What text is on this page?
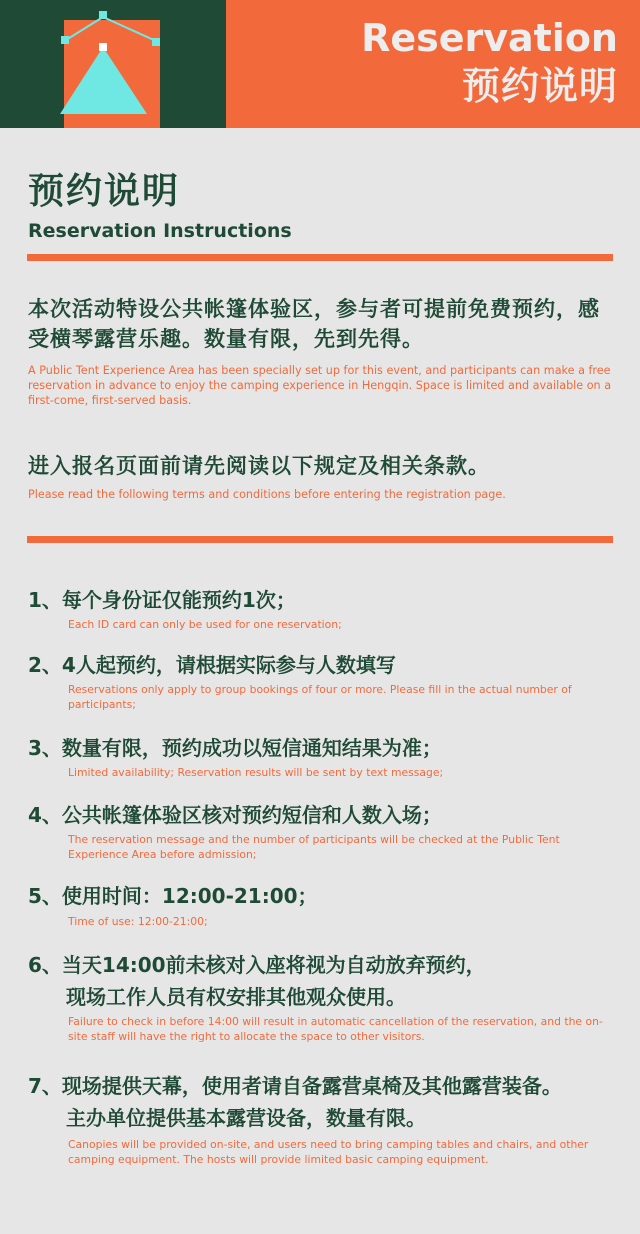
Reservation
预约说明
预约说明
Reservation Instructions
本次活动特设公共帐篷体验区，参与者可提前免费预约，感受横琴露营乐趣。数量有限，先到先得。
A Public Tent Experience Area has been specially set up for this event, and participants can make a free reservation in advance to enjoy the camping experience in Hengqin. Space is limited and available on a first-come, first-served basis.
进入报名页面前请先阅读以下规定及相关条款。
Please read the following terms and conditions before entering the registration page.
1、每个身份证仅能预约1次；
Each ID card can only be used for one reservation;
2、4人起预约，请根据实际参与人数填写
Reservations only apply to group bookings of four or more. Please fill in the actual number of participants;
3、数量有限，预约成功以短信通知结果为准；
Limited availability; Reservation results will be sent by text message;
4、公共帐篷体验区核对预约短信和人数入场；
The reservation message and the number of participants will be checked at the Public Tent Experience Area before admission;
5、使用时间：12:00-21:00；
Time of use: 12:00-21:00;
6、当天14:00前未核对入座将视为自动放弃预约，
现场工作人员有权安排其他观众使用。
Failure to check in before 14:00 will result in automatic cancellation of the reservation, and the on-site staff will have the right to allocate the space to other visitors.
7、现场提供天幕，使用者请自备露营桌椅及其他露营装备。
主办单位提供基本露营设备，数量有限。
Canopies will be provided on-site, and users need to bring camping tables and chairs, and other camping equipment. The hosts will provide limited basic camping equipment.
